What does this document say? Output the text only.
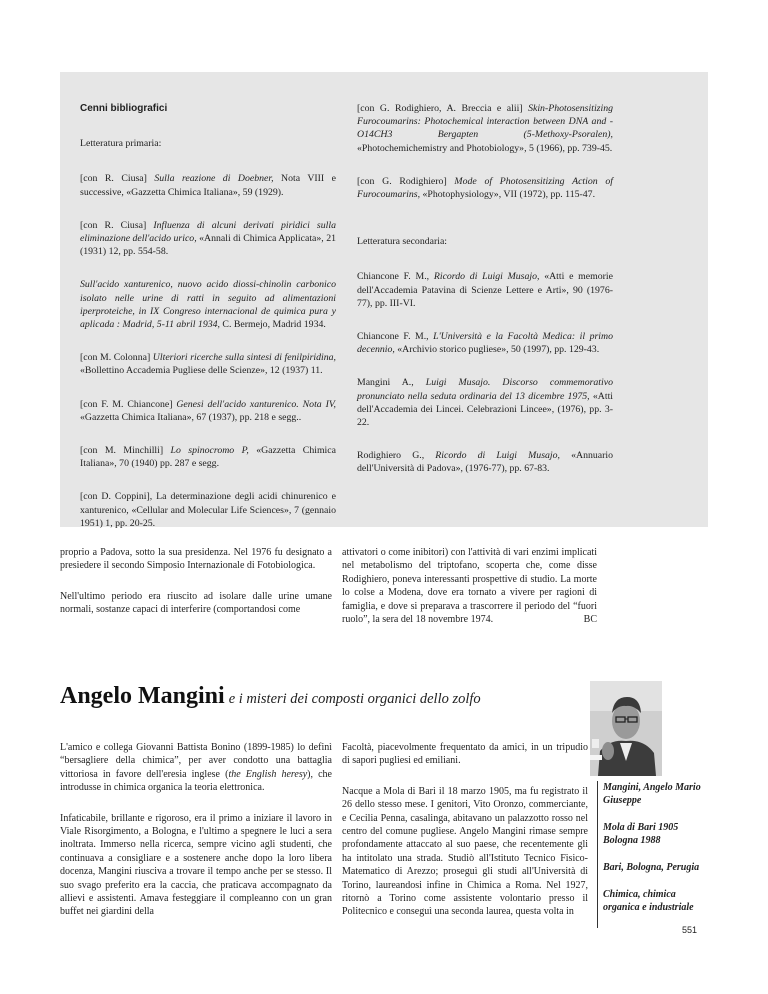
Cenni bibliografici

Letteratura primaria:

[con R. Ciusa] Sulla reazione di Doebner, Nota VIII e successive, «Gazzetta Chimica Italiana», 59 (1929).

[con R. Ciusa] Influenza di alcuni derivati piridici sulla eliminazione dell'acido urico, «Annali di Chimica Applicata», 21 (1931) 12, pp. 554-58.

Sull'acido xanturenico, nuovo acido diossi-chinolin carbonico isolato nelle urine di ratti in seguito ad alimentazioni iperproteiche, in IX Congreso internacional de quimica pura y aplicada : Madrid, 5-11 abril 1934, C. Bermejo, Madrid 1934.

[con M. Colonna] Ulteriori ricerche sulla sintesi di fenilpiridina, «Bollettino Accademia Pugliese delle Scienze», 12 (1937) 11.

[con F. M. Chiancone] Genesi dell'acido xanturenico. Nota IV, «Gazzetta Chimica Italiana», 67 (1937), pp. 218 e segg..

[con M. Minchilli] Lo spinocromo P, «Gazzetta Chimica Italiana», 70 (1940) pp. 287 e segg.

[con D. Coppini], La determinazione degli acidi chinurenico e xanturenico, «Cellular and Molecular Life Sciences», 7 (gennaio 1951) 1, pp. 20-25.

[con G. Rodighiero, A. Breccia e alii] Skin-Photosensitizing Furocoumarins: Photochemical interaction between DNA and -O14CH3 Bergapten (5-Methoxy-Psoralen), «Photochemichemistry and Photobiology», 5 (1966), pp. 739-45.

[con G. Rodighiero] Mode of Photosensitizing Action of Furocoumarins, «Photophysiology», VII (1972), pp. 115-47.

Letteratura secondaria:

Chiancone F. M., Ricordo di Luigi Musajo, «Atti e memorie dell'Accademia Patavina di Scienze Lettere e Arti», 90 (1976-77), pp. III-VI.

Chiancone F. M., L'Università e la Facoltà Medica: il primo decennio, «Archivio storico pugliese», 50 (1997), pp. 129-43.

Mangini A., Luigi Musajo. Discorso commemorativo pronunciato nella seduta ordinaria del 13 dicembre 1975, «Atti dell'Accademia dei Lincei. Celebrazioni Lincee», (1976), pp. 3-22.

Rodighiero G., Ricordo di Luigi Musajo, «Annuario dell'Università di Padova», (1976-77), pp. 67-83.

proprio a Padova, sotto la sua presidenza. Nel 1976 fu designato a presiedere il secondo Simposio Internazionale di Fotobiologica.

Nell'ultimo periodo era riuscito ad isolare dalle urine umane normali, sostanze capaci di interferire (comportandosi come

attivatori o come inibitori) con l'attività di vari enzimi implicati nel metabolismo del triptofano, scoperta che, come disse Rodighiero, poneva interessanti prospettive di studio. La morte lo colse a Modena, dove era tornato a vivere per ragioni di famiglia, e dove si preparava a trascorrere il periodo del “fuori ruolo”, la sera del 18 novembre 1974.	BC

Angelo Mangini e i misteri dei composti organici dello zolfo

L'amico e collega Giovanni Battista Bonino (1899-1985) lo definì “bersagliere della chimica”, per aver condotto una battaglia vittoriosa in favore dell'eresia inglese (the English heresy), che introdusse in chimica organica la teoria elettronica.

Infaticabile, brillante e rigoroso, era il primo a iniziare il lavoro in Viale Risorgimento, a Bologna, e l'ultimo a spegnere le luci a sera inoltrata. Immerso nella ricerca, sempre vicino agli studenti, che continuava a consigliare e a sostenere anche dopo la loro libera docenza, Mangini riusciva a trovare il tempo anche per se stesso. Il suo svago preferito era la caccia, che praticava accompagnato da allievi e assistenti. Amava festeggiare il compleanno con un gran buffet nei giardini della

Facoltà, piacevolmente frequentato da amici, in un tripudio di sapori pugliesi ed emiliani.

Nacque a Mola di Bari il 18 marzo 1905, ma fu registrato il 26 dello stesso mese. I genitori, Vito Oronzo, commerciante, e Cecilia Penna, casalinga, abitavano un palazzotto rosso nel centro del comune pugliese. Angelo Mangini rimase sempre profondamente attaccato al suo paese, che recentemente gli ha intitolato una strada. Studiò all'Istituto Tecnico Fisico-Matematico di Arezzo; proseguì gli studi all'Università di Torino, laureandosi infine in Chimica a Roma. Nel 1927, ritornò a Torino come assistente volontario presso il Politecnico e conseguì una seconda laurea, questa volta in

Mangini, Angelo Mario Giuseppe
Mola di Bari 1905 Bologna 1988
Bari, Bologna, Perugia
Chimica, chimica organica e industriale
551
